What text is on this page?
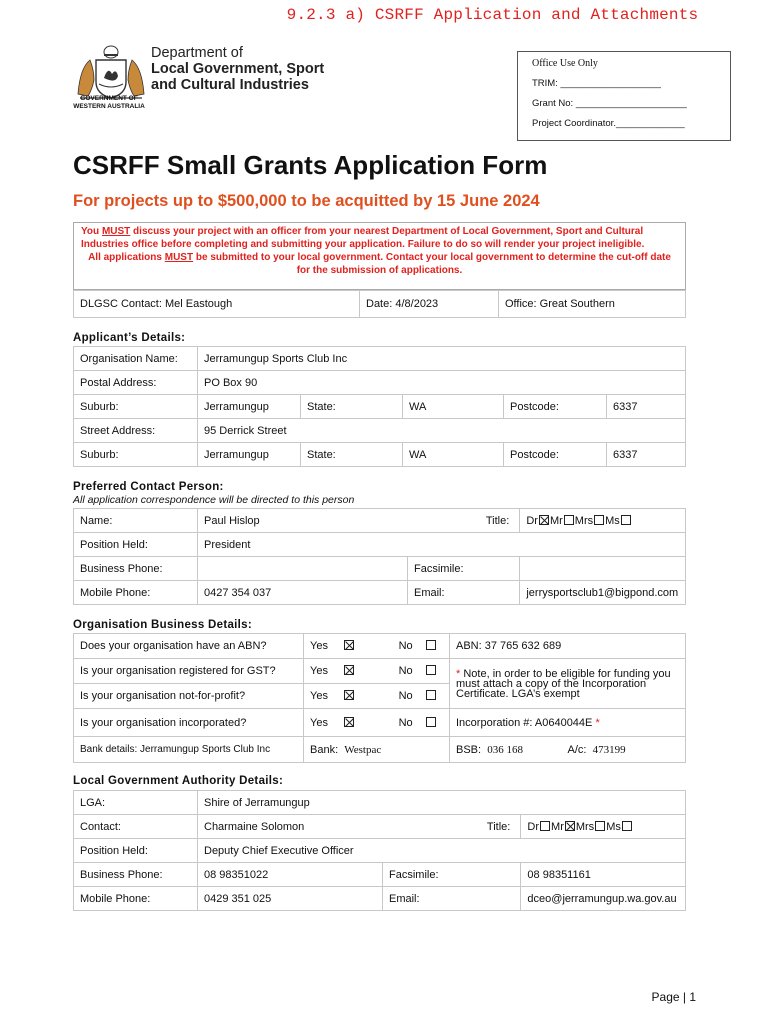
9.2.3 a) CSRFF Application and Attachments
GOVERNMENT OF
WESTERN AUSTRALIA
Department of
Local Government, Sport
and Cultural Industries
Office Use Only
TRIM: ___________________
Grant No: _____________________
Project Coordinator._____________
CSRFF Small Grants Application Form
For projects up to $500,000 to be acquitted by 15 June 2024
You MUST discuss your project with an officer from your nearest Department of Local Government, Sport and Cultural Industries office before completing and submitting your application. Failure to do so will render your project ineligible.
All applications MUST be submitted to your local government. Contact your local government to determine the cut-off date for the submission of applications.
DLGSC Contact: Mel Eastough	Date: 4/8/2023	Office: Great Southern
Applicant’s Details:
Organisation Name:	Jerramungup Sports Club Inc				
Postal Address:	PO Box 90				
Suburb:	Jerramungup	State:	WA	Postcode:	6337
Street Address:	95 Derrick Street				
Suburb:	Jerramungup	State:	WA	Postcode:	6337
Preferred Contact Person:
All application correspondence will be directed to this person
Name:	Paul Hislop		Title:	Dr Mr Mrs Ms
Position Held:	President			
Business Phone:		Facsimile:		
Mobile Phone:	0427 354 037	Email:		jerrysportsclub1@bigpond.com
Organisation Business Details:
Does your organisation have an ABN?	Yes	No	ABN: 37 765 632 689	
Is your organisation registered for GST?	Yes	No	* Note, in order to be eligible for funding you must attach a copy of the Incorporation Certificate. LGA’s exempt	
Is your organisation not-for-profit?	Yes	No		
Is your organisation incorporated?	Yes	No	Incorporation #: A0640044E *	
Bank details: Jerramungup Sports Club Inc	Bank: Westpac		BSB: 036 168	A/c: 473199
Local Government Authority Details:
LGA:	Shire of Jerramungup			
Contact:	Charmaine Solomon		Title:	Dr Mr Mrs Ms
Position Held:	Deputy Chief Executive Officer			
Business Phone:	08 98351022	Facsimile:		08 98351161
Mobile Phone:	0429 351 025	Email:		dceo@jerramungup.wa.gov.au
Page | 1
